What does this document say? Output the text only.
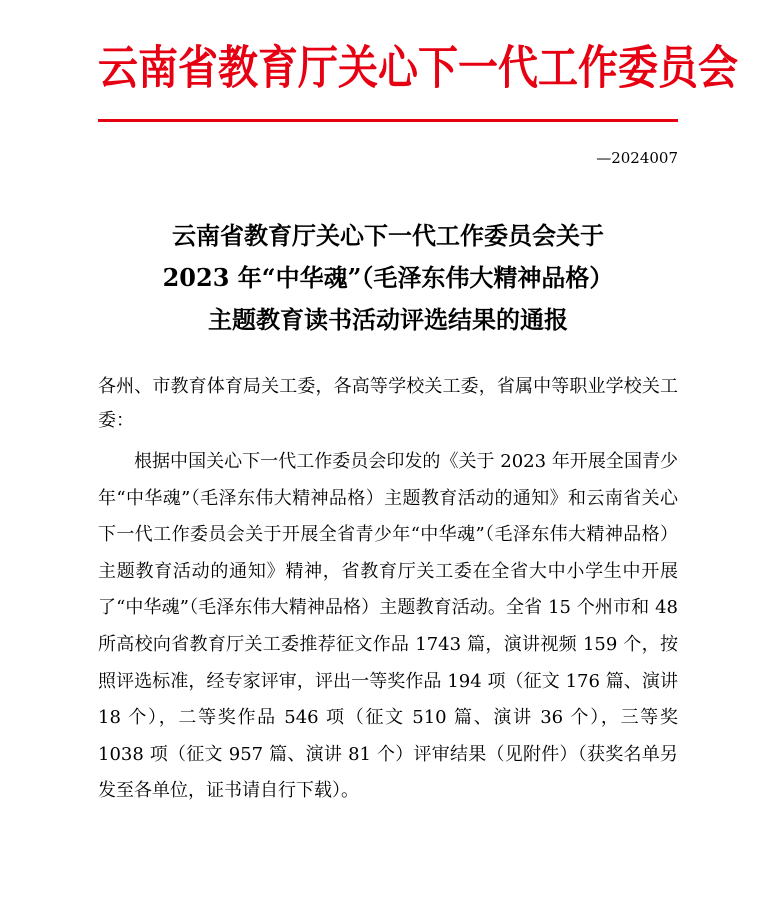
云南省教育厅关心下一代工作委员会
—2024007
云南省教育厅关心下一代工作委员会关于
2023 年“中华魂”（毛泽东伟大精神品格）
主题教育读书活动评选结果的通报
各州、市教育体育局关工委，各高等学校关工委，省属中等职业学校关工委：
根据中国关心下一代工作委员会印发的《关于 2023 年开展全国青少年“中华魂”（毛泽东伟大精神品格）主题教育活动的通知》和云南省关心下一代工作委员会关于开展全省青少年“中华魂”（毛泽东伟大精神品格）主题教育活动的通知》精神，省教育厅关工委在全省大中小学生中开展了“中华魂”（毛泽东伟大精神品格）主题教育活动。全省 15 个州市和 48 所高校向省教育厅关工委推荐征文作品 1743 篇，演讲视频 159 个，按照评选标准，经专家评审，评出一等奖作品 194 项（征文 176 篇、演讲 18 个），二等奖作品 546 项（征文 510 篇、演讲 36 个），三等奖 1038 项（征文 957 篇、演讲 81 个）评审结果（见附件）（获奖名单另发至各单位，证书请自行下载）。
